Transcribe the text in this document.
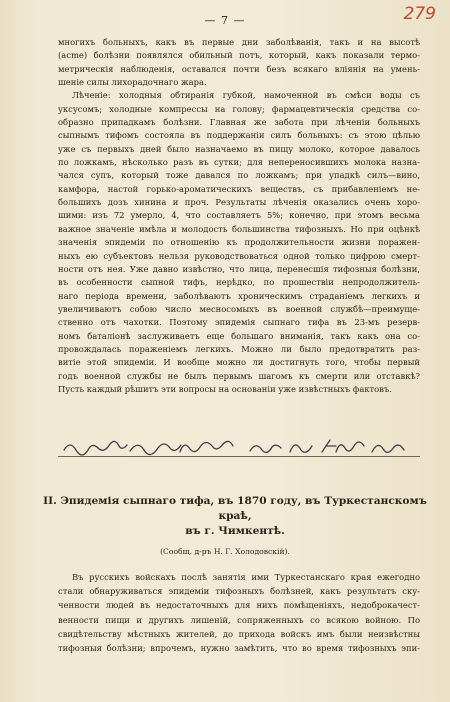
— 7 —	279
многихъ больныхъ, какъ въ первые дни заболѣванія, такъ и на высотѣ
(acme) болѣзни появлялся обильный потъ, который, какъ показали термо-
метрическія наблюденія, оставался почти безъ всякаго вліянія на умень-
шеніе силы лихорадочнаго жара.
Лѣченіе: холодныя обтиранія губкой, намоченной въ смѣси воды съ
уксусомъ; холодные компрессы на голову; фармацевтическія средства со-
образно припадкамъ болѣзни. Главная же забота при лѣченіи больныхъ
сыпнымъ тифомъ состояла въ поддержаніи силъ больныхъ: съ этою цѣлью
уже съ первыхъ дней было назначаемо въ пищу молоко, которое давалось
по ложкамъ, нѣсколько разъ въ сутки; для непереносившихъ молока назна-
чался супъ, который тоже давался по ложкамъ; при упадкѣ силъ—вино,
камфора, настой горько-ароматическихъ веществъ, съ прибавленіемъ не-
большихъ дозъ хинина и проч. Результаты лѣченія оказались очень хоро-
шими: изъ 72 умерло, 4, что составляетъ 5%; конечно, при этомъ весьма
важное значеніе имѣла и молодость большинства тифозныхъ. Но при оцѣнкѣ
значенія эпидеміи по отношенію къ продолжительности жизни поражен-
ныхъ ею субъектовъ нельзя руководствоваться одной только цифрою смерт-
ности отъ нея. Уже давно извѣстно, что лица, перенесшія тифозныя болѣзни,
въ особенности сыпной тифъ, нерѣдко, по прошествіи непродолжитель-
наго періода времени, заболѣваютъ хроническимъ страданіемъ легкихъ и
увеличиваютъ собою число месносомыхъ въ военной службѣ—преимуще-
ственно отъ чахотки. Поэтому эпидемія сыпнаго тифа въ 23-мъ резерв-
номъ баталіонѣ заслуживаетъ еще большаго вниманія, такъ какъ она со-
провождалась пораженіемъ легкихъ. Можно ли было предотвратить раз-
витіе этой эпидеміи. И вообще можно ли достигнуть того, чтобы первый
годъ военной службы не былъ первымъ шагомъ къ смерти или отставкѣ?
Пусть каждый рѣшитъ эти вопросы на основаніи уже извѣстныхъ фактовъ.
II. Эпидемія сыпнаго тифа, въ 1870 году, въ Туркестанскомъ краѣ,
въ г. Чимкентѣ.
(Сообщ. д-ръ Н. Г. Холодовскій).
Въ русскихъ войскахъ послѣ занятія ими Туркестанскаго края ежегодно
стали обнаруживаться эпидеміи тифозныхъ болѣзней, какъ результатъ ску-
ченности людей въ недостаточныхъ для нихъ помѣщеніяхъ, недоброкачест-
венности пищи и другихъ лишеній, сопряженныхъ со всякою войною. По
свидѣтельству мѣстныхъ жителей, до прихода войскъ имъ были неизвѣстны
тифозныя болѣзни; впрочемъ, нужно замѣтить, что во время тифозныхъ эпи-
